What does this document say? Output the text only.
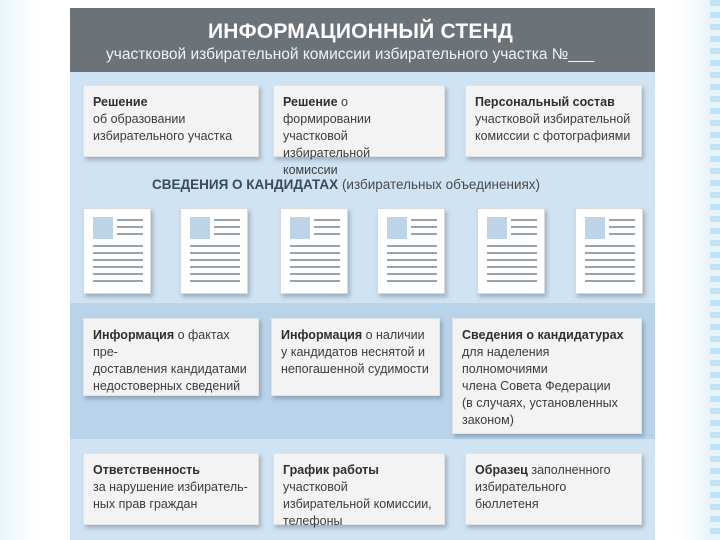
ИНФОРМАЦИОННЫЙ СТЕНД
участковой избирательной комиссии избирательного участка №___
Решение
об образовании
избирательного участка
Решение о формировании
участковой избирательной
комиссии
Персональный состав
участковой избирательной
комиссии с фотографиями
СВЕДЕНИЯ О КАНДИДАТАХ (избирательных объединениях)
Информация о фактах пре-
доставления кандидатами
недостоверных сведений
Информация о наличии
у кандидатов неснятой и
непогашенной судимости
Сведения о кандидатурах
для наделения полномочиями
члена Совета Федерации
(в случаях, установленных
законом)
Ответственность
за нарушение избиратель-
ных прав граждан
График работы участковой
избирательной комиссии,
телефоны
Образец заполненного
избирательного
бюллетеня
